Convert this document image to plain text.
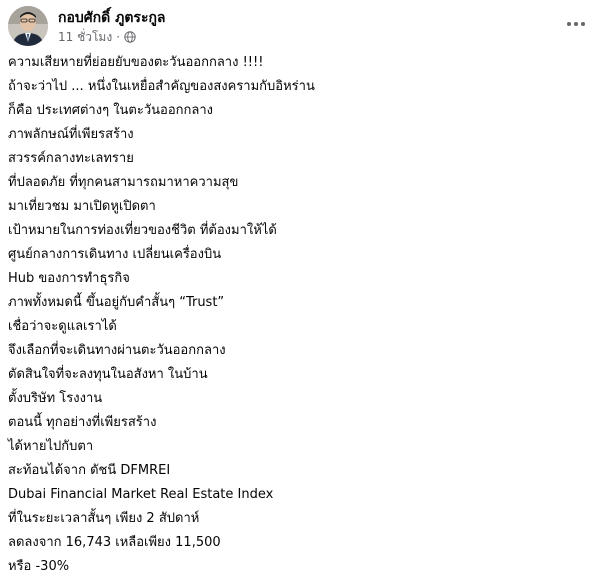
กอบศักดิ์ ภูตระกูล
11 ชั่วโมง ·
ความเสียหายที่ย่อยยับของตะวันออกกลาง !!!!
ถ้าจะว่าไป ... หนึ่งในเหยื่อสำคัญของสงครามกับอิหร่าน
ก็คือ ประเทศต่างๆ ในตะวันออกกลาง
ภาพลักษณ์ที่เพียรสร้าง
สวรรค์กลางทะเลทราย
ที่ปลอดภัย ที่ทุกคนสามารถมาหาความสุข
มาเที่ยวชม มาเปิดหูเปิดตา
เป้าหมายในการท่องเที่ยวของชีวิต ที่ต้องมาให้ได้
ศูนย์กลางการเดินทาง เปลี่ยนเครื่องบิน
Hub ของการทำธุรกิจ
ภาพทั้งหมดนี้ ขึ้นอยู่กับคำสั้นๆ “Trust”
เชื่อว่าจะดูแลเราได้
จึงเลือกที่จะเดินทางผ่านตะวันออกกลาง
ตัดสินใจที่จะลงทุนในอสังหา ในบ้าน
ตั้งบริษัท โรงงาน
ตอนนี้ ทุกอย่างที่เพียรสร้าง
ได้หายไปกับตา
สะท้อนได้จาก ดัชนี DFMREI
Dubai Financial Market Real Estate Index
ที่ในระยะเวลาสั้นๆ เพียง 2 สัปดาห์
ลดลงจาก 16,743 เหลือเพียง 11,500
หรือ -30%
